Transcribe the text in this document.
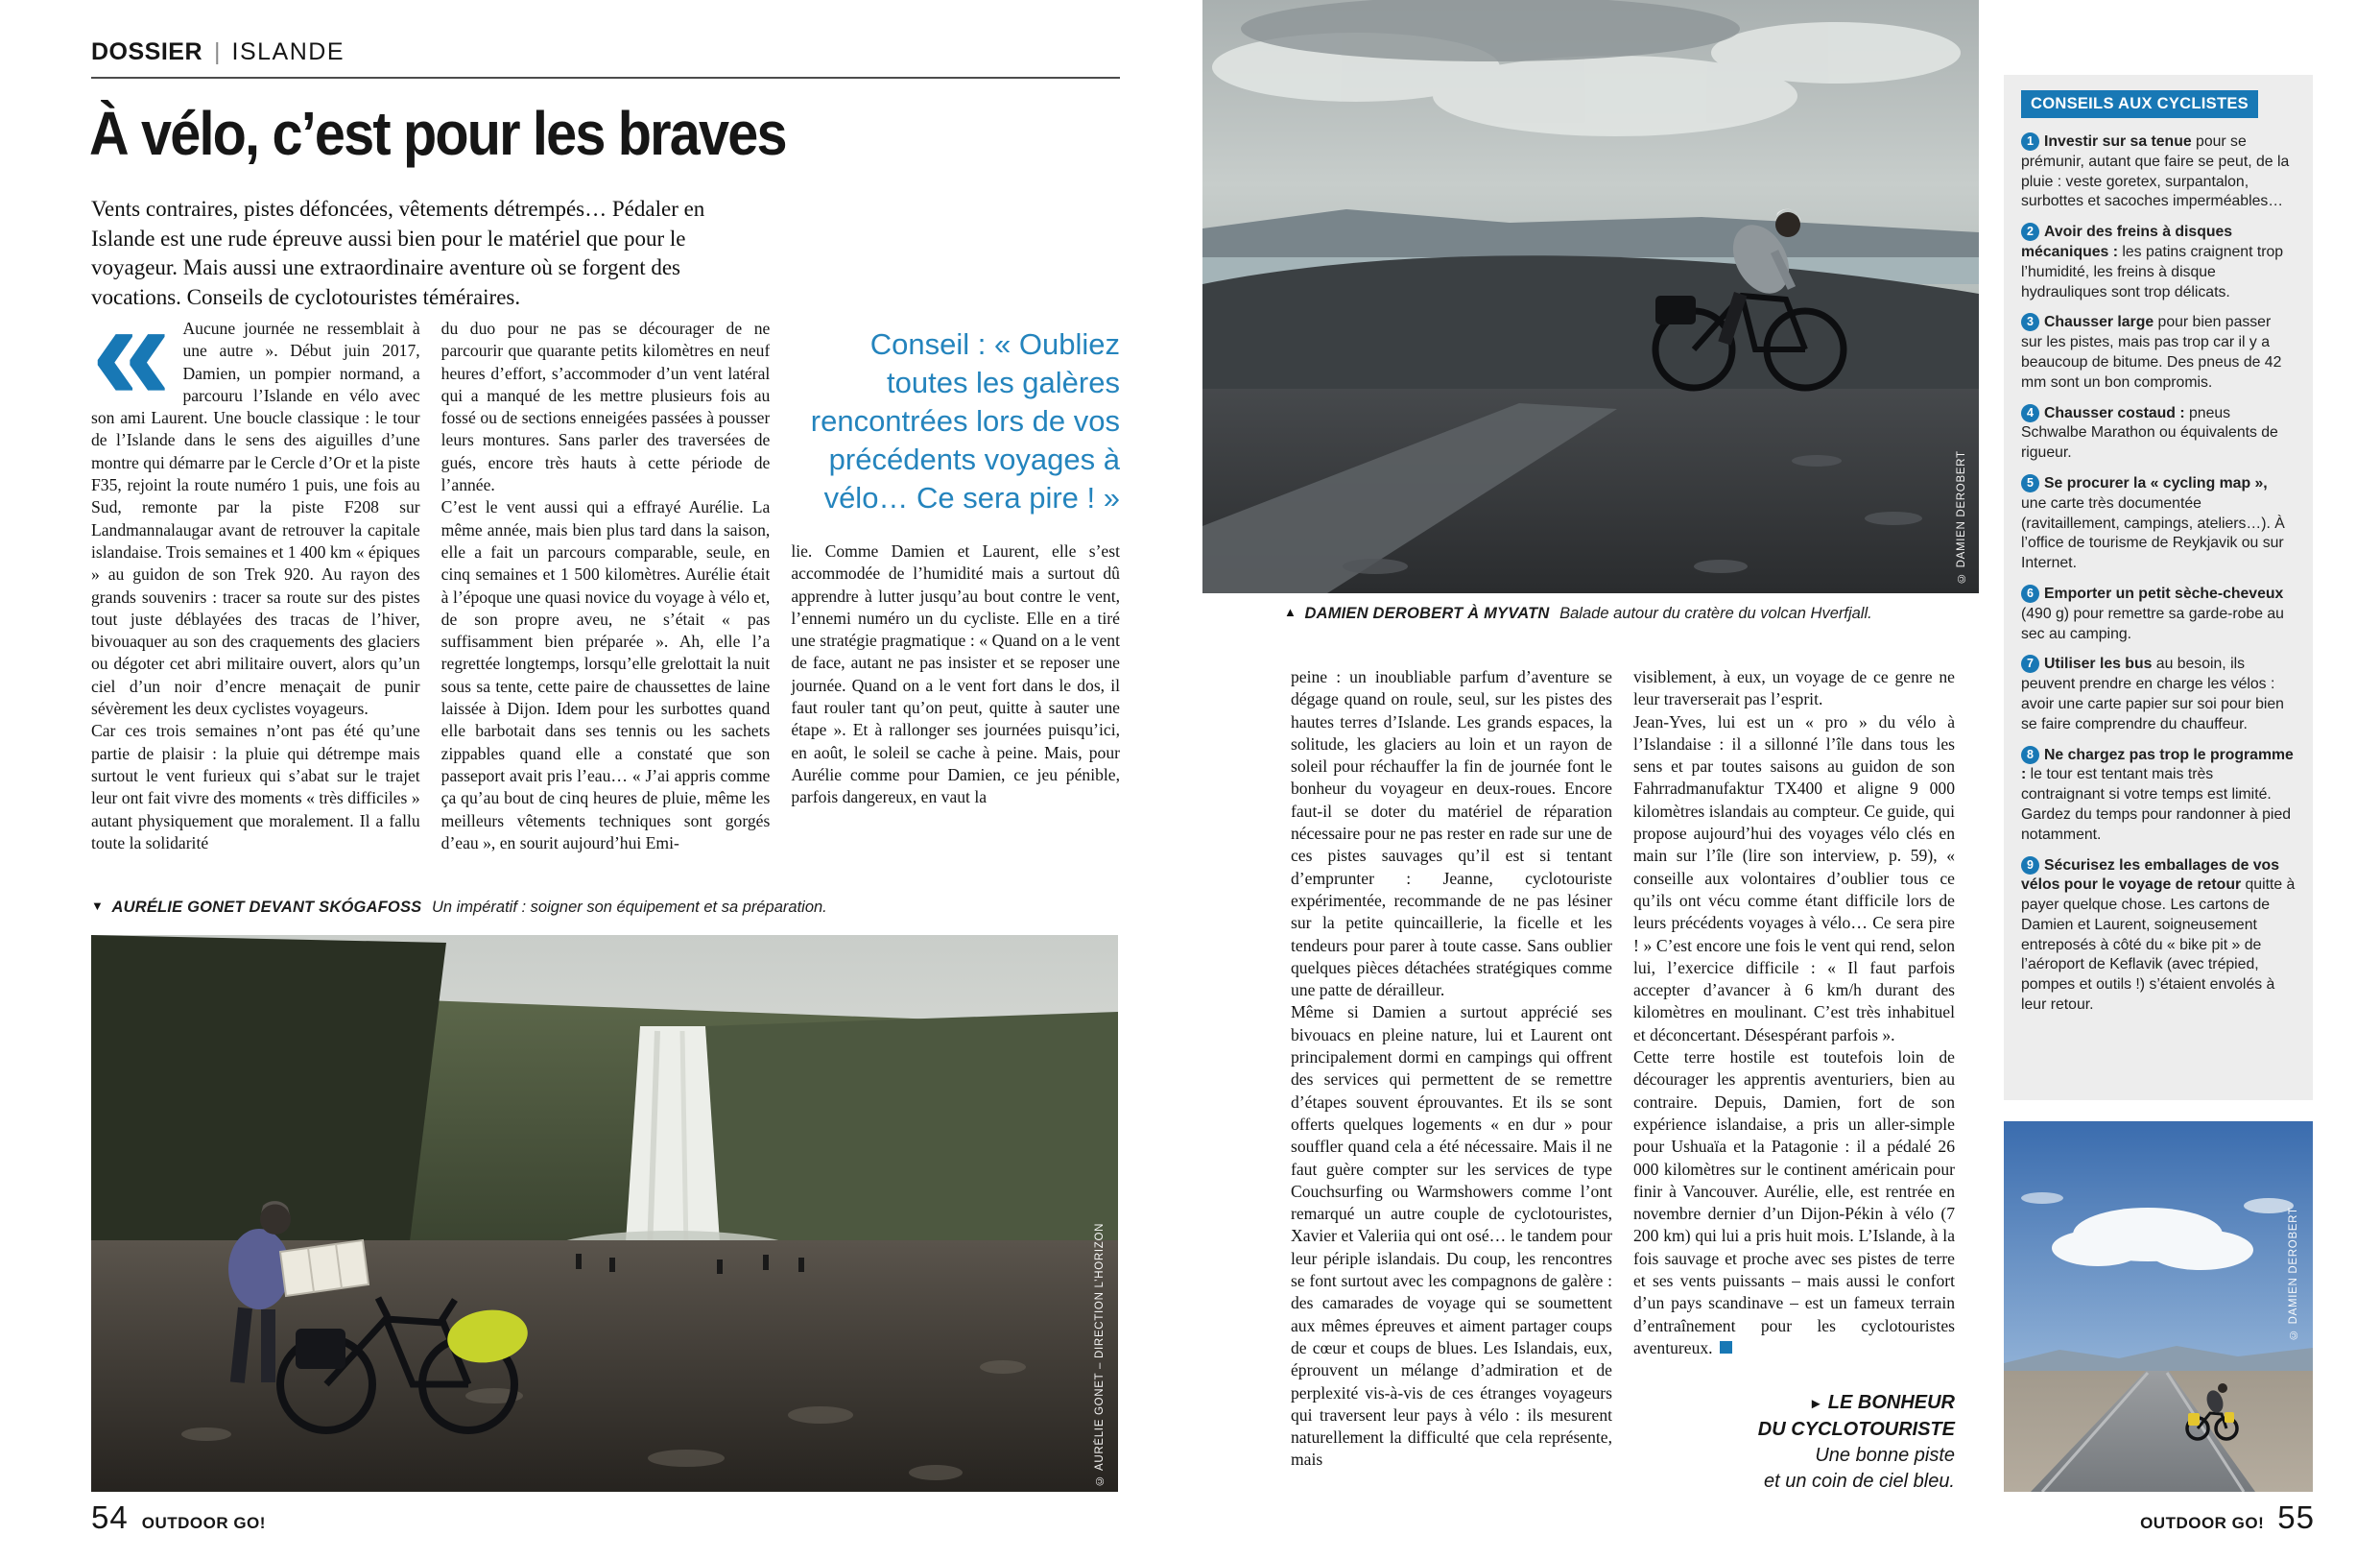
DOSSIER | ISLANDE
À vélo, c’est pour les braves

Vents contraires, pistes défoncées, vêtements détrempés… Pédaler en Islande est une rude épreuve aussi bien pour le matériel que pour le voyageur. Mais aussi une extraordinaire aventure où se forgent des vocations. Conseils de cyclotouristes téméraires.

« Aucune journée ne ressemblait à une autre ». Début juin 2017, Damien, un pompier normand, a parcouru l’Islande en vélo avec son ami Laurent. Une boucle classique : le tour de l’Islande dans le sens des aiguilles d’une montre qui démarre par le Cercle d’Or et la piste F35, rejoint la route numéro 1 puis, une fois au Sud, remonte par la piste F208 sur Landmannalaugar avant de retrouver la capitale islandaise. Trois semaines et 1 400 km « épiques » au guidon de son Trek 920. Au rayon des grands souvenirs : tracer sa route sur des pistes tout juste déblayées des tracas de l’hiver, bivouaquer au son des craquements des glaciers ou dégoter cet abri militaire ouvert, alors qu’un ciel d’un noir d’encre menaçait de punir sévèrement les deux cyclistes voyageurs.

Car ces trois semaines n’ont pas été qu’une partie de plaisir : la pluie qui détrempe mais surtout le vent furieux qui s’abat sur le trajet leur ont fait vivre des moments « très difficiles » autant physiquement que moralement. Il a fallu toute la solidarité

du duo pour ne pas se décourager de ne parcourir que quarante petits kilomètres en neuf heures d’effort, s’accommoder d’un vent latéral qui a manqué de les mettre plusieurs fois au fossé ou de sections enneigées passées à pousser leurs montures. Sans parler des traversées de gués, encore très hauts à cette période de l’année.

C’est le vent aussi qui a effrayé Aurélie. La même année, mais bien plus tard dans la saison, elle a fait un parcours comparable, seule, en cinq semaines et 1 500 kilomètres. Aurélie était à l’époque une quasi novice du voyage à vélo et, de son propre aveu, ne s’était « pas suffisamment bien préparée ». Ah, elle l’a regrettée longtemps, lorsqu’elle grelottait la nuit sous sa tente, cette paire de chaussettes de laine laissée à Dijon. Idem pour les surbottes quand elle barbotait dans ses tennis ou les sachets zippables quand elle a constaté que son passeport avait pris l’eau… « J’ai appris comme ça qu’au bout de cinq heures de pluie, même les meilleurs vêtements techniques sont gorgés d’eau », en sourit aujourd’hui Emi-

Conseil : « Oubliez toutes les galères rencontrées lors de vos précédents voyages à vélo… Ce sera pire ! »

lie. Comme Damien et Laurent, elle s’est accommodée de l’humidité mais a surtout dû apprendre à lutter jusqu’au bout contre le vent, l’ennemi numéro un du cycliste. Elle en a tiré une stratégie pragmatique : « Quand on a le vent de face, autant ne pas insister et se reposer une journée. Quand on a le vent fort dans le dos, il faut rouler tant qu’on peut, quitte à sauter une étape ». Et à rallonger ses journées puisqu’ici, en août, le soleil se cache à peine. Mais, pour Aurélie comme pour Damien, ce jeu pénible, parfois dangereux, en vaut la

▼ AURÉLIE GONET DEVANT SKÓGAFOSS Un impératif : soigner son équipement et sa préparation.
© AURÉLIE GONET – DIRECTION L’HORIZON
54 OUTDOOR GO!
© DAMIEN DEROBERT
▲ DAMIEN DEROBERT À MYVATN Balade autour du cratère du volcan Hverfjall.

peine : un inoubliable parfum d’aventure se dégage quand on roule, seul, sur les pistes des hautes terres d’Islande. Les grands espaces, la solitude, les glaciers au loin et un rayon de soleil pour réchauffer la fin de journée font le bonheur du voyageur en deux-roues. Encore faut-il se doter du matériel de réparation nécessaire pour ne pas rester en rade sur une de ces pistes sauvages qu’il est si tentant d’emprunter : Jeanne, cyclotouriste expérimentée, recommande de ne pas lésiner sur la petite quincaillerie, la ficelle et les tendeurs pour parer à toute casse. Sans oublier quelques pièces détachées stratégiques comme une patte de dérailleur.

Même si Damien a surtout apprécié ses bivouacs en pleine nature, lui et Laurent ont principalement dormi en campings qui offrent des services qui permettent de se remettre d’étapes souvent éprouvantes. Et ils se sont offerts quelques logements « en dur » pour souffler quand cela a été nécessaire. Mais il ne faut guère compter sur les services de type Couchsurfing ou Warmshowers comme l’ont remarqué un autre couple de cyclotouristes, Xavier et Valeriia qui ont osé… le tandem pour leur périple islandais. Du coup, les rencontres se font surtout avec les compagnons de galère : des camarades de voyage qui se soumettent aux mêmes épreuves et aiment partager coups de cœur et coups de blues. Les Islandais, eux, éprouvent un mélange d’admiration et de perplexité vis-à-vis de ces étranges voyageurs qui traversent leur pays à vélo : ils mesurent naturellement la difficulté que cela représente, mais

visiblement, à eux, un voyage de ce genre ne leur traverserait pas l’esprit.

Jean-Yves, lui est un « pro » du vélo à l’Islandaise : il a sillonné l’île dans tous les sens et par toutes saisons au guidon de son Fahrradmanufaktur TX400 et aligne 9 000 kilomètres islandais au compteur. Ce guide, qui propose aujourd’hui des voyages vélo clés en main sur l’île (lire son interview, p. 59), « conseille aux volontaires d’oublier tous ce qu’ils ont vécu comme étant difficile lors de leurs précédents voyages à vélo… Ce sera pire ! » C’est encore une fois le vent qui rend, selon lui, l’exercice difficile : « Il faut parfois accepter d’avancer à 6 km/h durant des kilomètres en moulinant. C’est très inhabituel et déconcertant. Désespérant parfois ».

Cette terre hostile est toutefois loin de décourager les apprentis aventuriers, bien au contraire. Depuis, Damien, fort de son expérience islandaise, a pris un aller-simple pour Ushuaïa et la Patagonie : il a pédalé 26 000 kilomètres sur le continent américain pour finir à Vancouver. Aurélie, elle, est rentrée en novembre dernier d’un Dijon-Pékin à vélo (7 200 km) qui lui a pris huit mois. L’Islande, à la fois sauvage et proche avec ses pistes de terre et ses vents puissants – mais aussi le confort d’un pays scandinave – est un fameux terrain d’entraînement pour les cyclotouristes aventureux.

► LE BONHEUR
DU CYCLOTOURISTE
Une bonne piste
et un coin de ciel bleu.
CONSEILS AUX CYCLISTES
1 Investir sur sa tenue pour se prémunir, autant que faire se peut, de la pluie : veste goretex, surpantalon, surbottes et sacoches imperméables…
2 Avoir des freins à disques mécaniques : les patins craignent trop l’humidité, les freins à disque hydrauliques sont trop délicats.
3 Chausser large pour bien passer sur les pistes, mais pas trop car il y a beaucoup de bitume. Des pneus de 42 mm sont un bon compromis.
4 Chausser costaud : pneus Schwalbe Marathon ou équivalents de rigueur.
5 Se procurer la « cycling map », une carte très documentée (ravitaillement, campings, ateliers…). À l’office de tourisme de Reykjavik ou sur Internet.
6 Emporter un petit sèche-cheveux (490 g) pour remettre sa garde-robe au sec au camping.
7 Utiliser les bus au besoin, ils peuvent prendre en charge les vélos : avoir une carte papier sur soi pour bien se faire comprendre du chauffeur.
8 Ne chargez pas trop le programme : le tour est tentant mais très contraignant si votre temps est limité. Gardez du temps pour randonner à pied notamment.
9 Sécurisez les emballages de vos vélos pour le voyage de retour quitte à payer quelque chose. Les cartons de Damien et Laurent, soigneusement entreposés à côté du « bike pit » de l’aéroport de Keflavik (avec trépied, pompes et outils !) s’étaient envolés à leur retour.
© DAMIEN DEROBERT
OUTDOOR GO! 55
